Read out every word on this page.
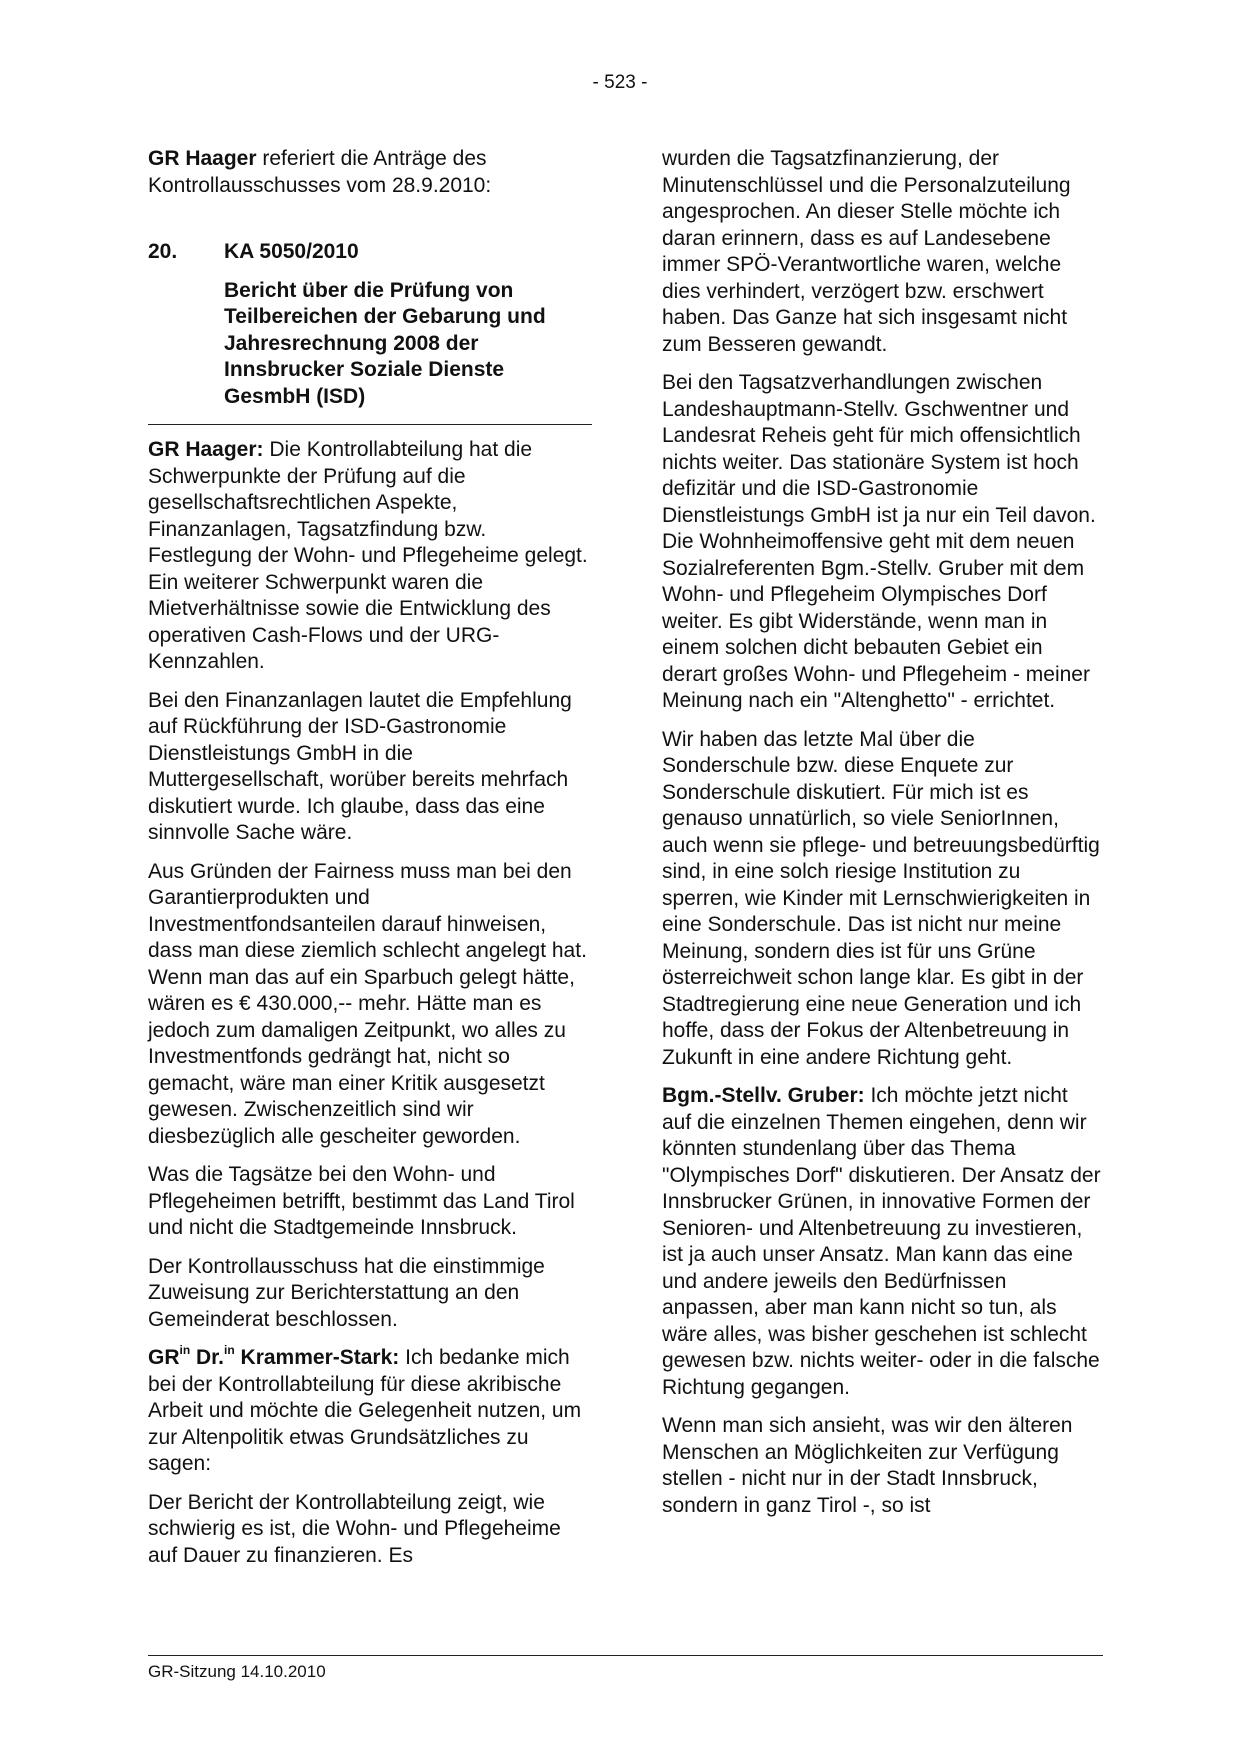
- 523 -

GR Haager referiert die Anträge des Kontrollausschusses vom 28.9.2010:

20. KA 5050/2010

Bericht über die Prüfung von Teilbereichen der Gebarung und Jahresrechnung 2008 der Innsbrucker Soziale Dienste GesmbH (ISD)

GR Haager: Die Kontrollabteilung hat die Schwerpunkte der Prüfung auf die gesellschaftsrechtlichen Aspekte, Finanzanlagen, Tagsatzfindung bzw. Festlegung der Wohn- und Pflegeheime gelegt. Ein weiterer Schwerpunkt waren die Mietverhältnisse sowie die Entwicklung des operativen Cash-Flows und der URG-Kennzahlen.

Bei den Finanzanlagen lautet die Empfehlung auf Rückführung der ISD-Gastronomie Dienstleistungs GmbH in die Muttergesellschaft, worüber bereits mehrfach diskutiert wurde. Ich glaube, dass das eine sinnvolle Sache wäre.

Aus Gründen der Fairness muss man bei den Garantierprodukten und Investmentfondsanteilen darauf hinweisen, dass man diese ziemlich schlecht angelegt hat. Wenn man das auf ein Sparbuch gelegt hätte, wären es € 430.000,-- mehr. Hätte man es jedoch zum damaligen Zeitpunkt, wo alles zu Investmentfonds gedrängt hat, nicht so gemacht, wäre man einer Kritik ausgesetzt gewesen. Zwischenzeitlich sind wir diesbezüglich alle gescheiter geworden.

Was die Tagsätze bei den Wohn- und Pflegeheimen betrifft, bestimmt das Land Tirol und nicht die Stadtgemeinde Innsbruck.

Der Kontrollausschuss hat die einstimmige Zuweisung zur Berichterstattung an den Gemeinderat beschlossen.

$GR^{in}$ Dr.$^{in}$ Krammer-Stark: Ich bedanke mich bei der Kontrollabteilung für diese akribische Arbeit und möchte die Gelegenheit nutzen, um zur Altenpolitik etwas Grundsätzliches zu sagen:

Der Bericht der Kontrollabteilung zeigt, wie schwierig es ist, die Wohn- und Pflegeheime auf Dauer zu finanzieren. Es

wurden die Tagsatzfinanzierung, der Minutenschlüssel und die Personalzuteilung angesprochen. An dieser Stelle möchte ich daran erinnern, dass es auf Landesebene immer SPÖ-Verantwortliche waren, welche dies verhindert, verzögert bzw. erschwert haben. Das Ganze hat sich insgesamt nicht zum Besseren gewandt.

Bei den Tagsatzverhandlungen zwischen Landeshauptmann-Stellv. Gschwentner und Landesrat Reheis geht für mich offensichtlich nichts weiter. Das stationäre System ist hoch defizitär und die ISD-Gastronomie Dienstleistungs GmbH ist ja nur ein Teil davon. Die Wohnheimoffensive geht mit dem neuen Sozialreferenten Bgm.-Stellv. Gruber mit dem Wohn- und Pflegeheim Olympisches Dorf weiter. Es gibt Widerstände, wenn man in einem solchen dicht bebauten Gebiet ein derart großes Wohn- und Pflegeheim - meiner Meinung nach ein "Altenghetto" - errichtet.

Wir haben das letzte Mal über die Sonderschule bzw. diese Enquete zur Sonderschule diskutiert. Für mich ist es genauso unnatürlich, so viele SeniorInnen, auch wenn sie pflege- und betreuungsbedürftig sind, in eine solch riesige Institution zu sperren, wie Kinder mit Lernschwierigkeiten in eine Sonderschule. Das ist nicht nur meine Meinung, sondern dies ist für uns Grüne österreichweit schon lange klar. Es gibt in der Stadtregierung eine neue Generation und ich hoffe, dass der Fokus der Altenbetreuung in Zukunft in eine andere Richtung geht.

Bgm.-Stellv. Gruber: Ich möchte jetzt nicht auf die einzelnen Themen eingehen, denn wir könnten stundenlang über das Thema "Olympisches Dorf" diskutieren. Der Ansatz der Innsbrucker Grünen, in innovative Formen der Senioren- und Altenbetreuung zu investieren, ist ja auch unser Ansatz. Man kann das eine und andere jeweils den Bedürfnissen anpassen, aber man kann nicht so tun, als wäre alles, was bisher geschehen ist schlecht gewesen bzw. nichts weiter- oder in die falsche Richtung gegangen.

Wenn man sich ansieht, was wir den älteren Menschen an Möglichkeiten zur Verfügung stellen - nicht nur in der Stadt Innsbruck, sondern in ganz Tirol -, so ist

GR-Sitzung 14.10.2010
